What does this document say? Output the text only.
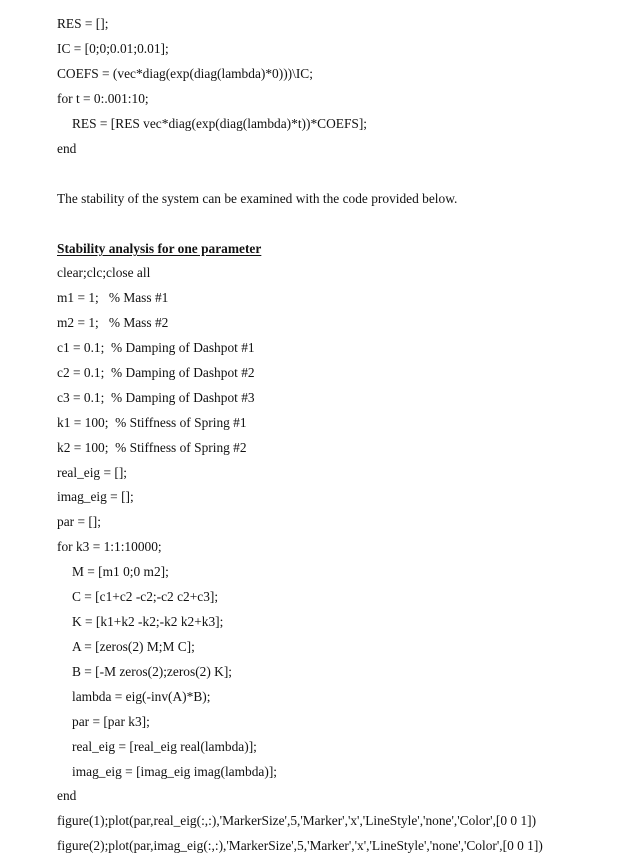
RES = [];
IC = [0;0;0.01;0.01];
COEFS = (vec*diag(exp(diag(lambda)*0)))\IC;
for t = 0:.001:10;
RES = [RES vec*diag(exp(diag(lambda)*t))*COEFS];
end
The stability of the system can be examined with the code provided below.
Stability analysis for one parameter
clear;clc;close all
m1 = 1;   % Mass #1
m2 = 1;   % Mass #2
c1 = 0.1;  % Damping of Dashpot #1
c2 = 0.1;  % Damping of Dashpot #2
c3 = 0.1;  % Damping of Dashpot #3
k1 = 100;  % Stiffness of Spring #1
k2 = 100;  % Stiffness of Spring #2
real_eig = [];
imag_eig = [];
par = [];
for k3 = 1:1:10000;
M = [m1 0;0 m2];
C = [c1+c2 -c2;-c2 c2+c3];
K = [k1+k2 -k2;-k2 k2+k3];
A = [zeros(2) M;M C];
B = [-M zeros(2);zeros(2) K];
lambda = eig(-inv(A)*B);
par = [par k3];
real_eig = [real_eig real(lambda)];
imag_eig = [imag_eig imag(lambda)];
end
figure(1);plot(par,real_eig(:,:),'MarkerSize',5,'Marker','x','LineStyle','none','Color',[0 0 1])
figure(2);plot(par,imag_eig(:,:),'MarkerSize',5,'Marker','x','LineStyle','none','Color',[0 0 1])
